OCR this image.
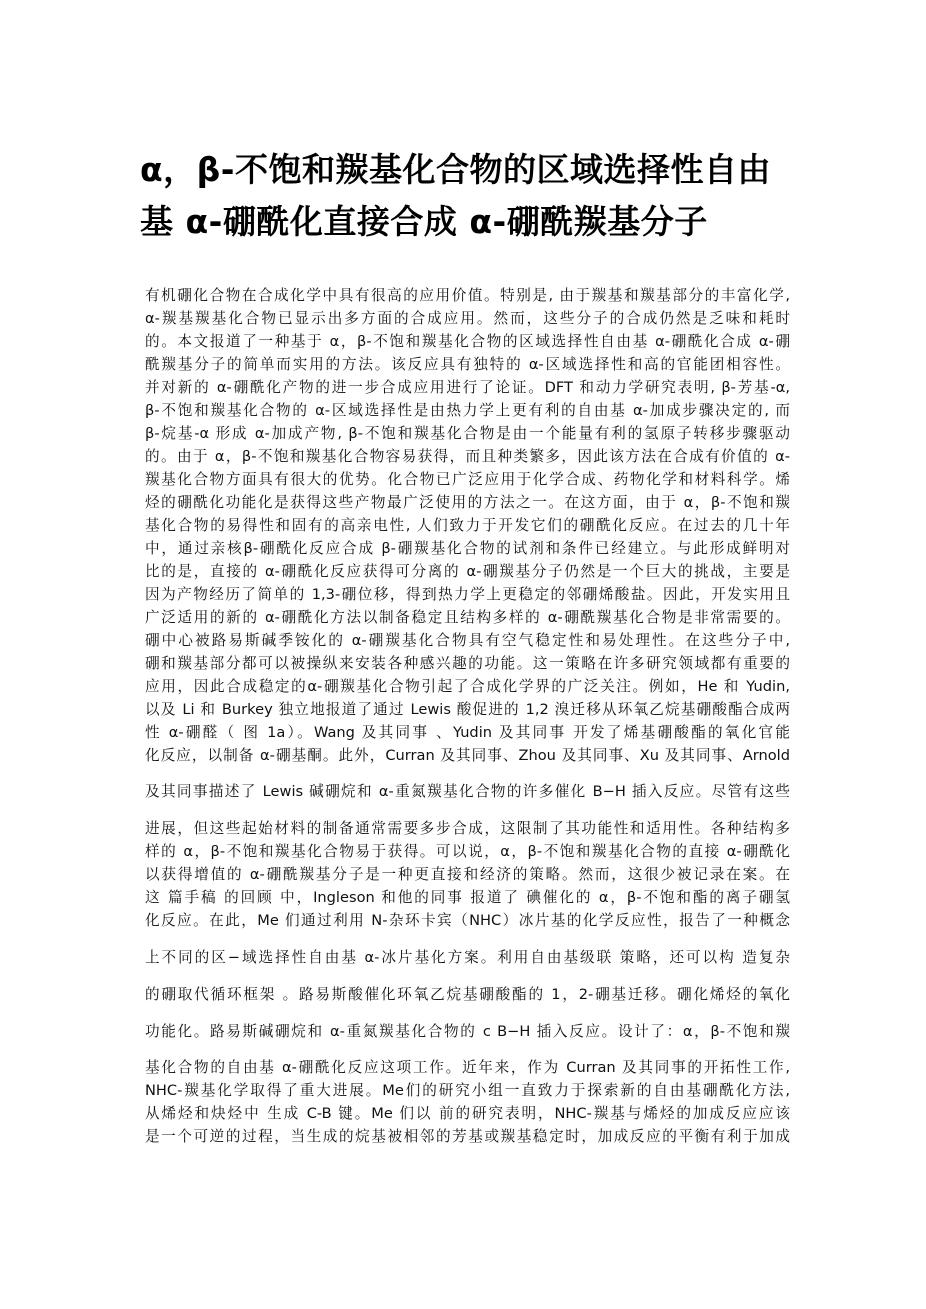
α，β-不饱和羰基化合物的区域选择性自由
基 α-硼酰化直接合成 α-硼酰羰基分子
有机硼化合物在合成化学中具有很高的应用价值。特别是, 由于羰基和羰基部分的丰富化学,
α-羰基羰基化合物已显示出多方面的合成应用。然而，这些分子的合成仍然是乏味和耗时
的。本文报道了一种基于 α，β-不饱和羰基化合物的区域选择性自由基 α-硼酰化合成 α-硼
酰羰基分子的简单而实用的方法。该反应具有独特的 α-区域选择性和高的官能团相容性。
并对新的 α-硼酰化产物的进一步合成应用进行了论证。DFT 和动力学研究表明, β-芳基-α,
β-不饱和羰基化合物的 α-区域选择性是由热力学上更有利的自由基 α-加成步骤决定的, 而
β-烷基-α 形成 α-加成产物, β-不饱和羰基化合物是由一个能量有利的氢原子转移步骤驱动
的。由于 α，β-不饱和羰基化合物容易获得，而且种类繁多，因此该方法在合成有价值的 α-
羰基化合物方面具有很大的优势。化合物已广泛应用于化学合成、药物化学和材料科学。烯
烃的硼酰化功能化是获得这些产物最广泛使用的方法之一。在这方面，由于 α，β-不饱和羰
基化合物的易得性和固有的高亲电性, 人们致力于开发它们的硼酰化反应。在过去的几十年
中，通过亲核β-硼酰化反应合成 β-硼羰基化合物的试剂和条件已经建立。与此形成鲜明对
比的是，直接的 α-硼酰化反应获得可分离的 α-硼羰基分子仍然是一个巨大的挑战，主要是
因为产物经历了简单的 1,3-硼位移，得到热力学上更稳定的邻硼烯酸盐。因此，开发实用且
广泛适用的新的 α-硼酰化方法以制备稳定且结构多样的 α-硼酰羰基化合物是非常需要的。
硼中心被路易斯碱季铵化的 α-硼羰基化合物具有空气稳定性和易处理性。在这些分子中,
硼和羰基部分都可以被操纵来安装各种感兴趣的功能。这一策略在许多研究领域都有重要的
应用，因此合成稳定的α-硼羰基化合物引起了合成化学界的广泛关注。例如，He 和 Yudin,
以及 Li 和 Burkey 独立地报道了通过 Lewis 酸促进的 1,2 溴迁移从环氧乙烷基硼酸酯合成两
性 α-硼醛（ 图 1a）。Wang 及其同事 、Yudin 及其同事 开发了烯基硼酸酯的氧化官能
化反应，以制备 α-硼基酮。此外，Curran 及其同事、Zhou 及其同事、Xu 及其同事、Arnold
及其同事描述了 Lewis 碱硼烷和 α-重氮羰基化合物的许多催化 B−H 插入反应。尽管有这些
进展，但这些起始材料的制备通常需要多步合成，这限制了其功能性和适用性。各种结构多
样的 α，β-不饱和羰基化合物易于获得。可以说，α，β-不饱和羰基化合物的直接 α-硼酰化
以获得增值的 α-硼酰羰基分子是一种更直接和经济的策略。然而，这很少被记录在案。在
这 篇手稿 的回顾 中，Ingleson 和他的同事 报道了 碘催化的 α，β-不饱和酯的离子硼氢
化反应。在此，Me 们通过利用 N-杂环卡宾（NHC）冰片基的化学反应性，报告了一种概念
上不同的区−域选择性自由基 α-冰片基化方案。利用自由基级联 策略，还可以构 造复杂
的硼取代循环框架 。路易斯酸催化环氧乙烷基硼酸酯的 1，2-硼基迁移。硼化烯烃的氧化
功能化。路易斯碱硼烷和 α-重氮羰基化合物的 c B−H 插入反应。设计了：α，β-不饱和羰
基化合物的自由基 α-硼酰化反应这项工作。近年来，作为 Curran 及其同事的开拓性工作,
NHC-羰基化学取得了重大进展。Me们的研究小组一直致力于探索新的自由基硼酰化方法,
从烯烃和炔烃中 生成 C-B 键。Me 们以 前的研究表明，NHC-羰基与烯烃的加成反应应该
是一个可逆的过程，当生成的烷基被相邻的芳基或羰基稳定时，加成反应的平衡有利于加成
